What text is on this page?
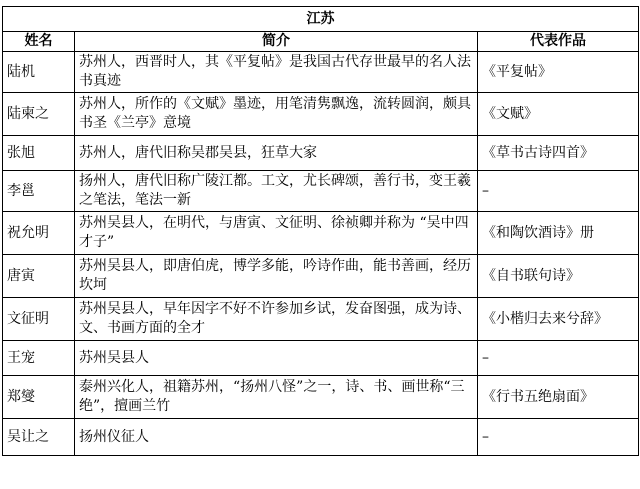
江苏		
姓名	简介	代表作品
陆机	苏州人，西晋时人，其《平复帖》是我国古代存世最早的名人法书真迹	《平复帖》
陆柬之	苏州人，所作的《文赋》墨迹，用笔清隽飘逸，流转圆润，颇具书圣《兰亭》意境	《文赋》
张旭	苏州人，唐代旧称吴郡吴县，狂草大家	《草书古诗四首》
李邕	扬州人，唐代旧称广陵江都。工文，尤长碑颂，善行书，变王羲之笔法，笔法一新	–
祝允明	苏州吴县人，在明代，与唐寅、文征明、徐祯卿并称为 “吴中四才子”	《和陶饮酒诗》册
唐寅	苏州吴县人，即唐伯虎，博学多能，吟诗作曲，能书善画，经历坎坷	《自书联句诗》
文征明	苏州吴县人，早年因字不好不许参加乡试，发奋图强，成为诗、文、书画方面的全才	《小楷归去来兮辞》
王宠	苏州吴县人	–
郑燮	泰州兴化人，祖籍苏州，“扬州八怪”之一，诗、书、画世称“三绝”，擅画兰竹	《行书五绝扇面》
吴让之	扬州仪征人	–
